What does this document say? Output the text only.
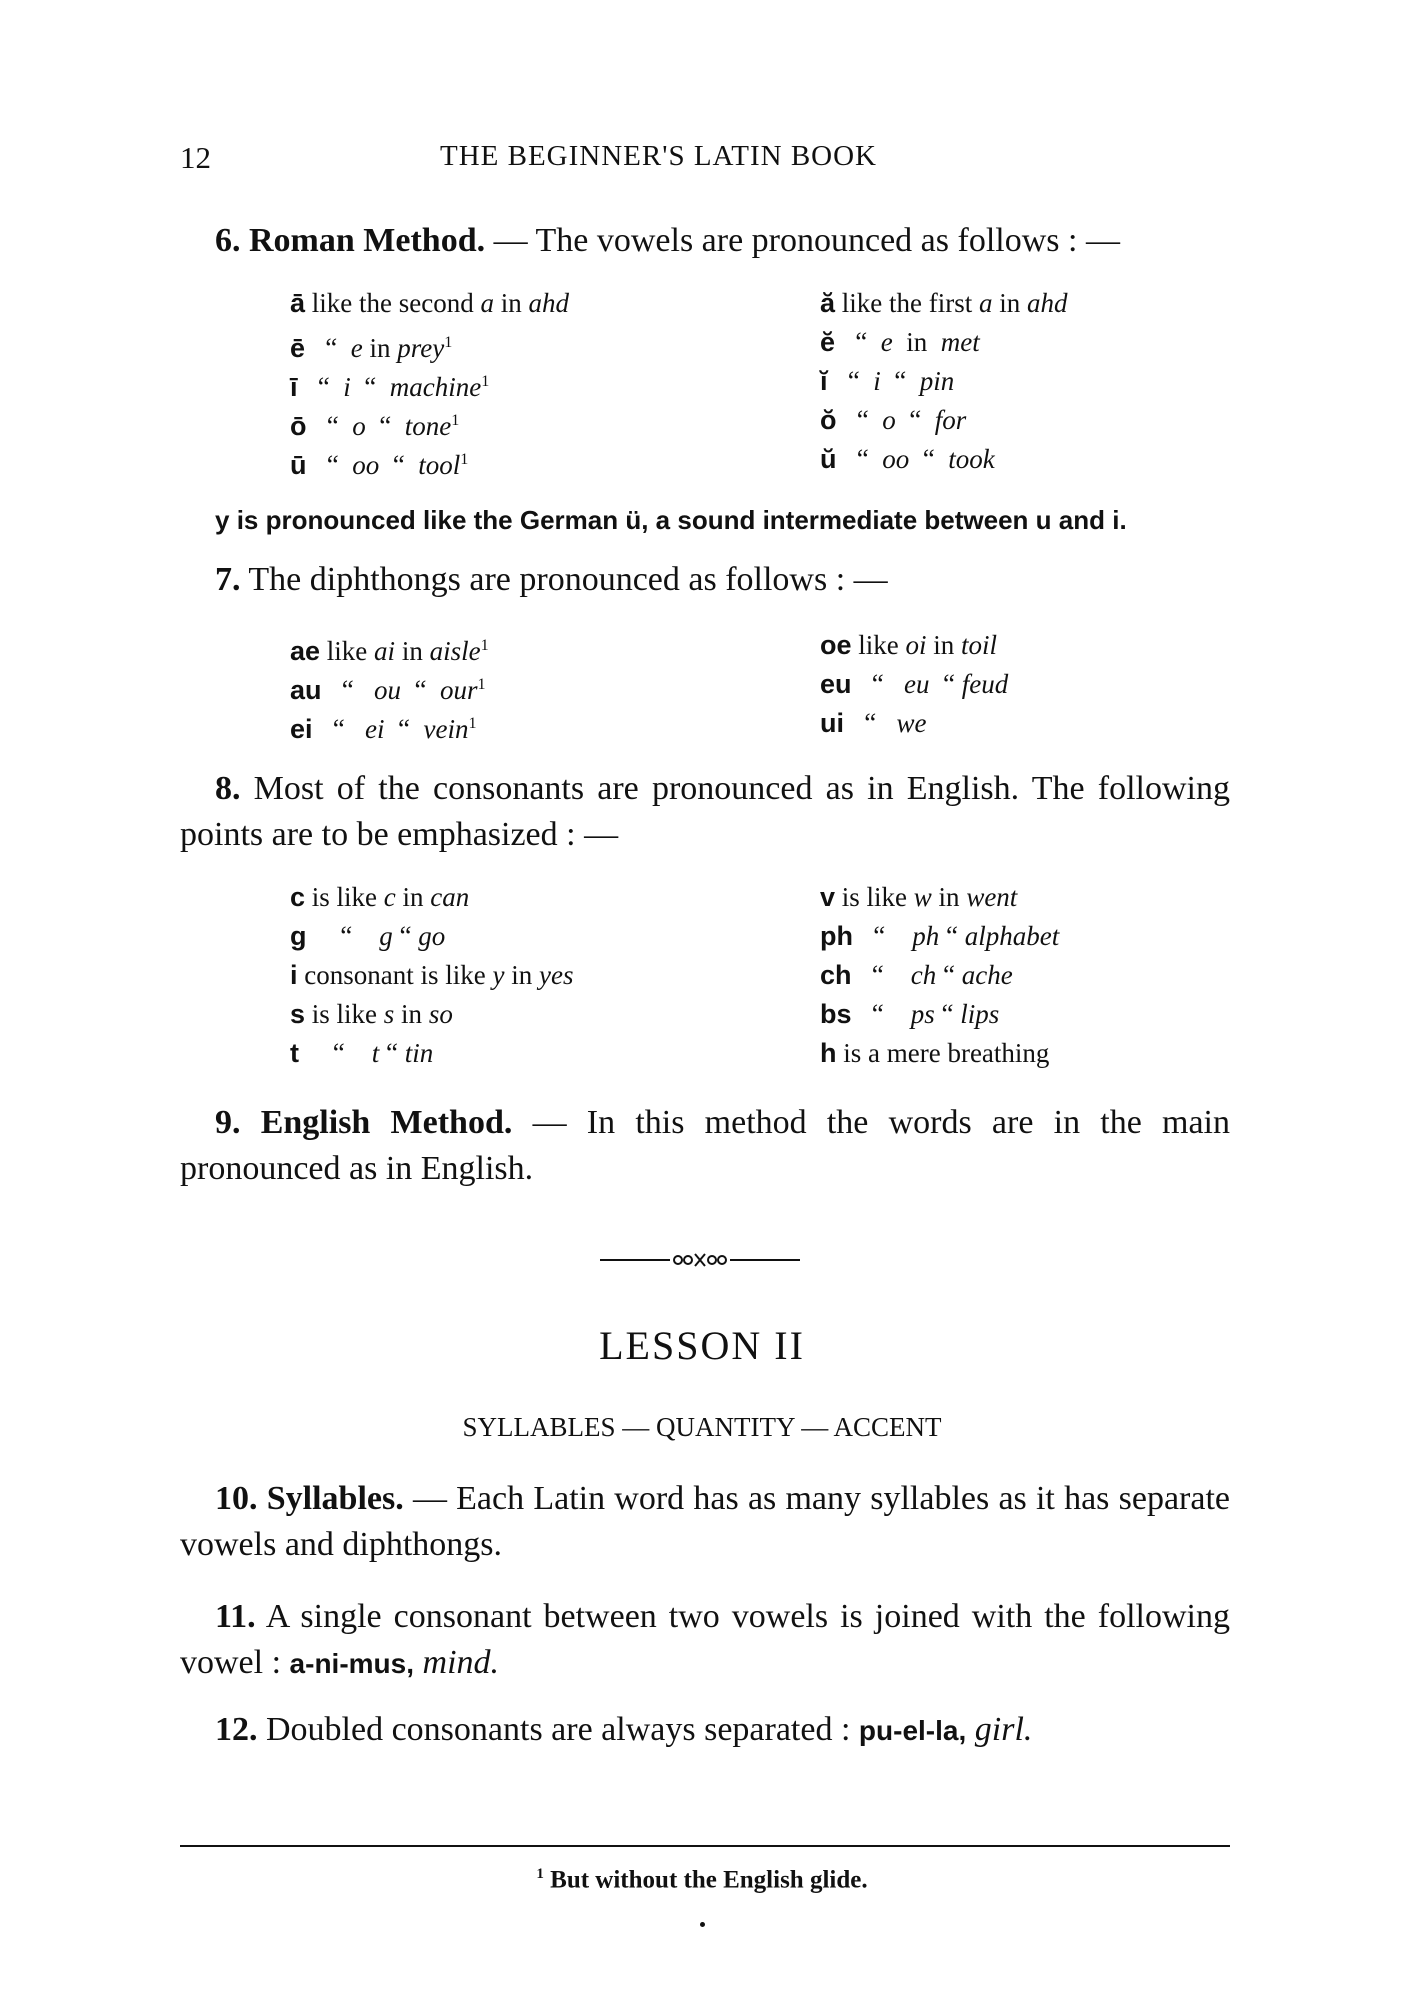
12	THE BEGINNER'S LATIN BOOK
6. Roman Method. — The vowels are pronounced as follows : —
ā like the second a in ahd
ē “ e in prey$^1$
ī “ i “ machine$^1$
ō “ o “ tone$^1$
ū “ oo “ tool$^1$
ă like the first a in ahd
ĕ “ e in met
ĭ “ i “ pin
ŏ “ o “ for
ŭ “ oo “ took
y is pronounced like the German ü, a sound intermediate between u and i.
7. The diphthongs are pronounced as follows : —
ae like ai in aisle$^1$
au “ ou “ our$^1$
ei “ ei “ vein$^1$
oe like oi in toil
eu “ eu “ feud
ui “ we
8. Most of the consonants are pronounced as in English. The following points are to be emphasized : —
c is like c in can
g     “    g “ go
i consonant is like y in yes
s is like s in so
t     “    t “ tin
v is like w in went
ph   “    ph “ alphabet
ch   “    ch “ ache
bs   “    ps “ lips
h is a mere breathing
9. English Method. — In this method the words are in the main pronounced as in English.
LESSON II
SYLLABLES — QUANTITY — ACCENT
10. Syllables. — Each Latin word has as many syllables as it has separate vowels and diphthongs.
11. A single consonant between two vowels is joined with the following vowel : a-ni-mus, mind.
12. Doubled consonants are always separated : pu-el-la, girl.
$^1$ But without the English glide.
